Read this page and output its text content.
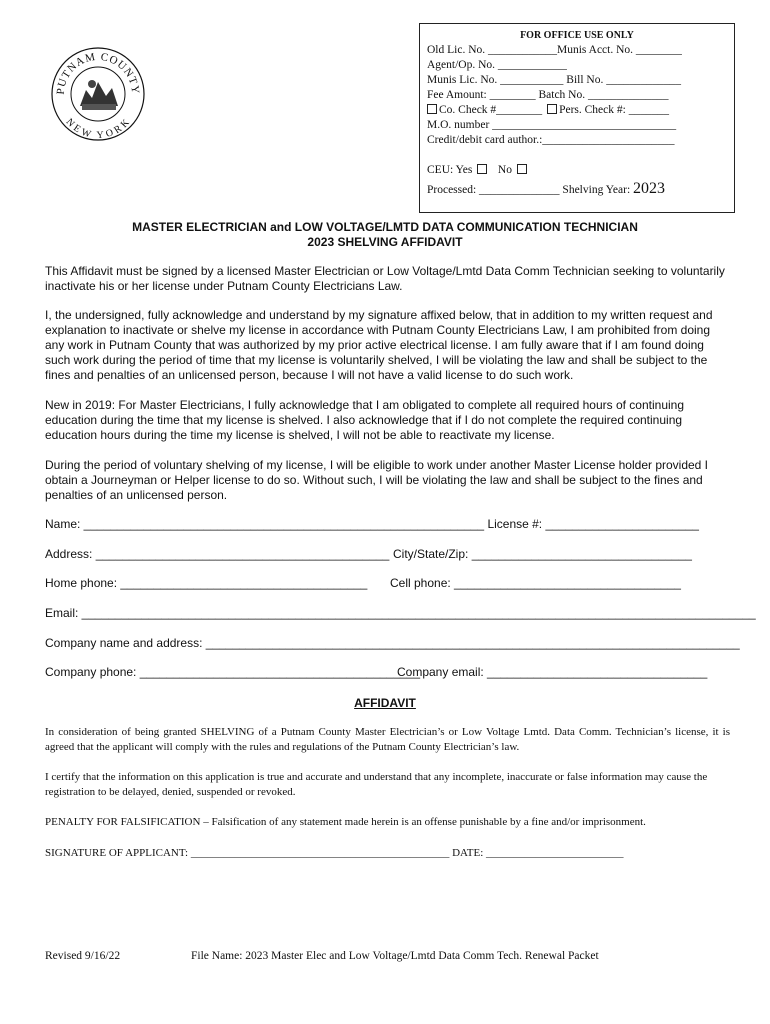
PUTNAM COUNTY
NEW YORK
FOR OFFICE USE ONLY
Old Lic. No. ____________Munis Acct. No. ________
Agent/Op. No. ____________
Munis Lic. No. ___________ Bill No. _____________
Fee Amount: ________ Batch No. ______________
Co. Check #________ Pers. Check #: _______
M.O. number ________________________________
Credit/debit card author.:_______________________
CEU: Yes No
Processed: ______________ Shelving Year: 2023
MASTER ELECTRICIAN and LOW VOLTAGE/LMTD DATA COMMUNICATION TECHNICIAN
2023 SHELVING AFFIDAVIT
This Affidavit must be signed by a licensed Master Electrician or Low Voltage/Lmtd Data Comm Technician seeking to voluntarily inactivate his or her license under Putnam County Electricians Law.
I, the undersigned, fully acknowledge and understand by my signature affixed below, that in addition to my written request and explanation to inactivate or shelve my license in accordance with Putnam County Electricians Law, I am prohibited from doing any work in Putnam County that was authorized by my prior active electrical license. I am fully aware that if I am found doing such work during the period of time that my license is voluntarily shelved, I will be violating the law and shall be subject to the fines and penalties of an unlicensed person, because I will not have a valid license to do such work.
New in 2019: For Master Electricians, I fully acknowledge that I am obligated to complete all required hours of continuing education during the time that my license is shelved. I also acknowledge that if I do not complete the required continuing education hours during the time my license is shelved, I will not be able to reactivate my license.
During the period of voluntary shelving of my license, I will be eligible to work under another Master License holder provided I obtain a Journeyman or Helper license to do so. Without such, I will be violating the law and shall be subject to the fines and penalties of an unlicensed person.
Name: ____________________________________________________________ License #: _______________________
Address: ____________________________________________ City/State/Zip: _________________________________
Home phone: _____________________________________ Cell phone: __________________________________
Email: _____________________________________________________________________________________________________
Company name and address: ________________________________________________________________________________
Company phone: __________________________________________
Company email: _________________________________
AFFIDAVIT
In consideration of being granted SHELVING of a Putnam County Master Electrician’s or Low Voltage Lmtd. Data Comm. Technician’s license, it is agreed that the applicant will comply with the rules and regulations of the Putnam County Electrician’s law.
I certify that the information on this application is true and accurate and understand that any incomplete, inaccurate or false information may cause the registration to be delayed, denied, suspended or revoked.
PENALTY FOR FALSIFICATION – Falsification of any statement made herein is an offense punishable by a fine and/or imprisonment.
SIGNATURE OF APPLICANT: _______________________________________________ DATE: _________________________
Revised 9/16/22	File Name: 2023 Master Elec and Low Voltage/Lmtd Data Comm Tech. Renewal Packet
